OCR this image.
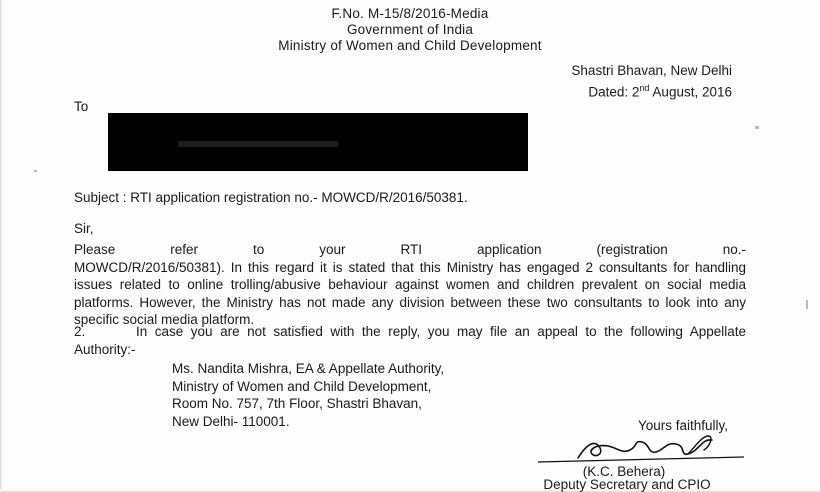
F.No. M-15/8/2016-Media
Government of India
Ministry of Women and Child Development
Shastri Bhavan, New Delhi
Dated: 2nd August, 2016
To
Subject : RTI application registration no.- MOWCD/R/2016/50381.
Sir,
Please refer to your RTI application (registration no.-
MOWCD/R/2016/50381). In this regard it is stated that this Ministry has engaged 2 consultants for handling issues related to online trolling/abusive behaviour against women and children prevalent on social media platforms. However, the Ministry has not made any division between these two consultants to look into any specific social media platform.
2.	In case you are not satisfied with the reply, you may file an appeal to the following Appellate Authority:-
Ms. Nandita Mishra, EA & Appellate Authority,
Ministry of Women and Child Development,
Room No. 757, 7th Floor, Shastri Bhavan,
New Delhi- 110001.	Yours faithfully,
(K.C. Behera)
Deputy Secretary and CPIO
